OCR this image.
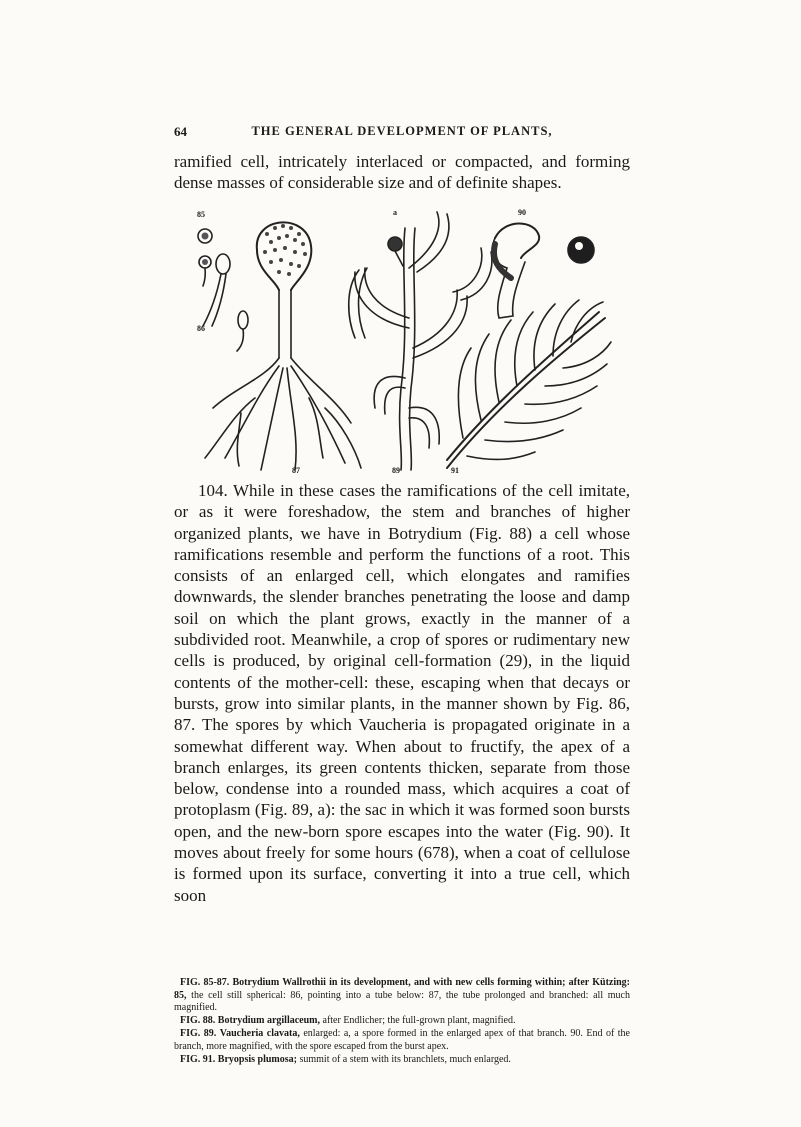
64	THE GENERAL DEVELOPMENT OF PLANTS,

ramified cell, intricately interlaced or compacted, and forming dense masses of considerable size and of definite shapes.

85	a	90
86
87	89	91

104. While in these cases the ramifications of the cell imitate, or as it were foreshadow, the stem and branches of higher organized plants, we have in Botrydium (Fig. 88) a cell whose ramifications resemble and perform the functions of a root. This consists of an enlarged cell, which elongates and ramifies downwards, the slender branches penetrating the loose and damp soil on which the plant grows, exactly in the manner of a subdivided root. Meanwhile, a crop of spores or rudimentary new cells is produced, by original cell-formation (29), in the liquid contents of the mother-cell: these, escaping when that decays or bursts, grow into similar plants, in the manner shown by Fig. 86, 87. The spores by which Vaucheria is propagated originate in a somewhat different way. When about to fructify, the apex of a branch enlarges, its green contents thicken, separate from those below, condense into a rounded mass, which acquires a coat of protoplasm (Fig. 89, a): the sac in which it was formed soon bursts open, and the new-born spore escapes into the water (Fig. 90). It moves about freely for some hours (678), when a coat of cellulose is formed upon its surface, converting it into a true cell, which soon

FIG. 85-87. Botrydium Wallrothii in its development, and with new cells forming within; after Kützing: 85, the cell still spherical: 86, pointing into a tube below: 87, the tube prolonged and branched: all much magnified.

FIG. 88. Botrydium argillaceum, after Endlicher; the full-grown plant, magnified.

FIG. 89. Vaucheria clavata, enlarged: a, a spore formed in the enlarged apex of that branch. 90. End of the branch, more magnified, with the spore escaped from the burst apex.

FIG. 91. Bryopsis plumosa; summit of a stem with its branchlets, much enlarged.
